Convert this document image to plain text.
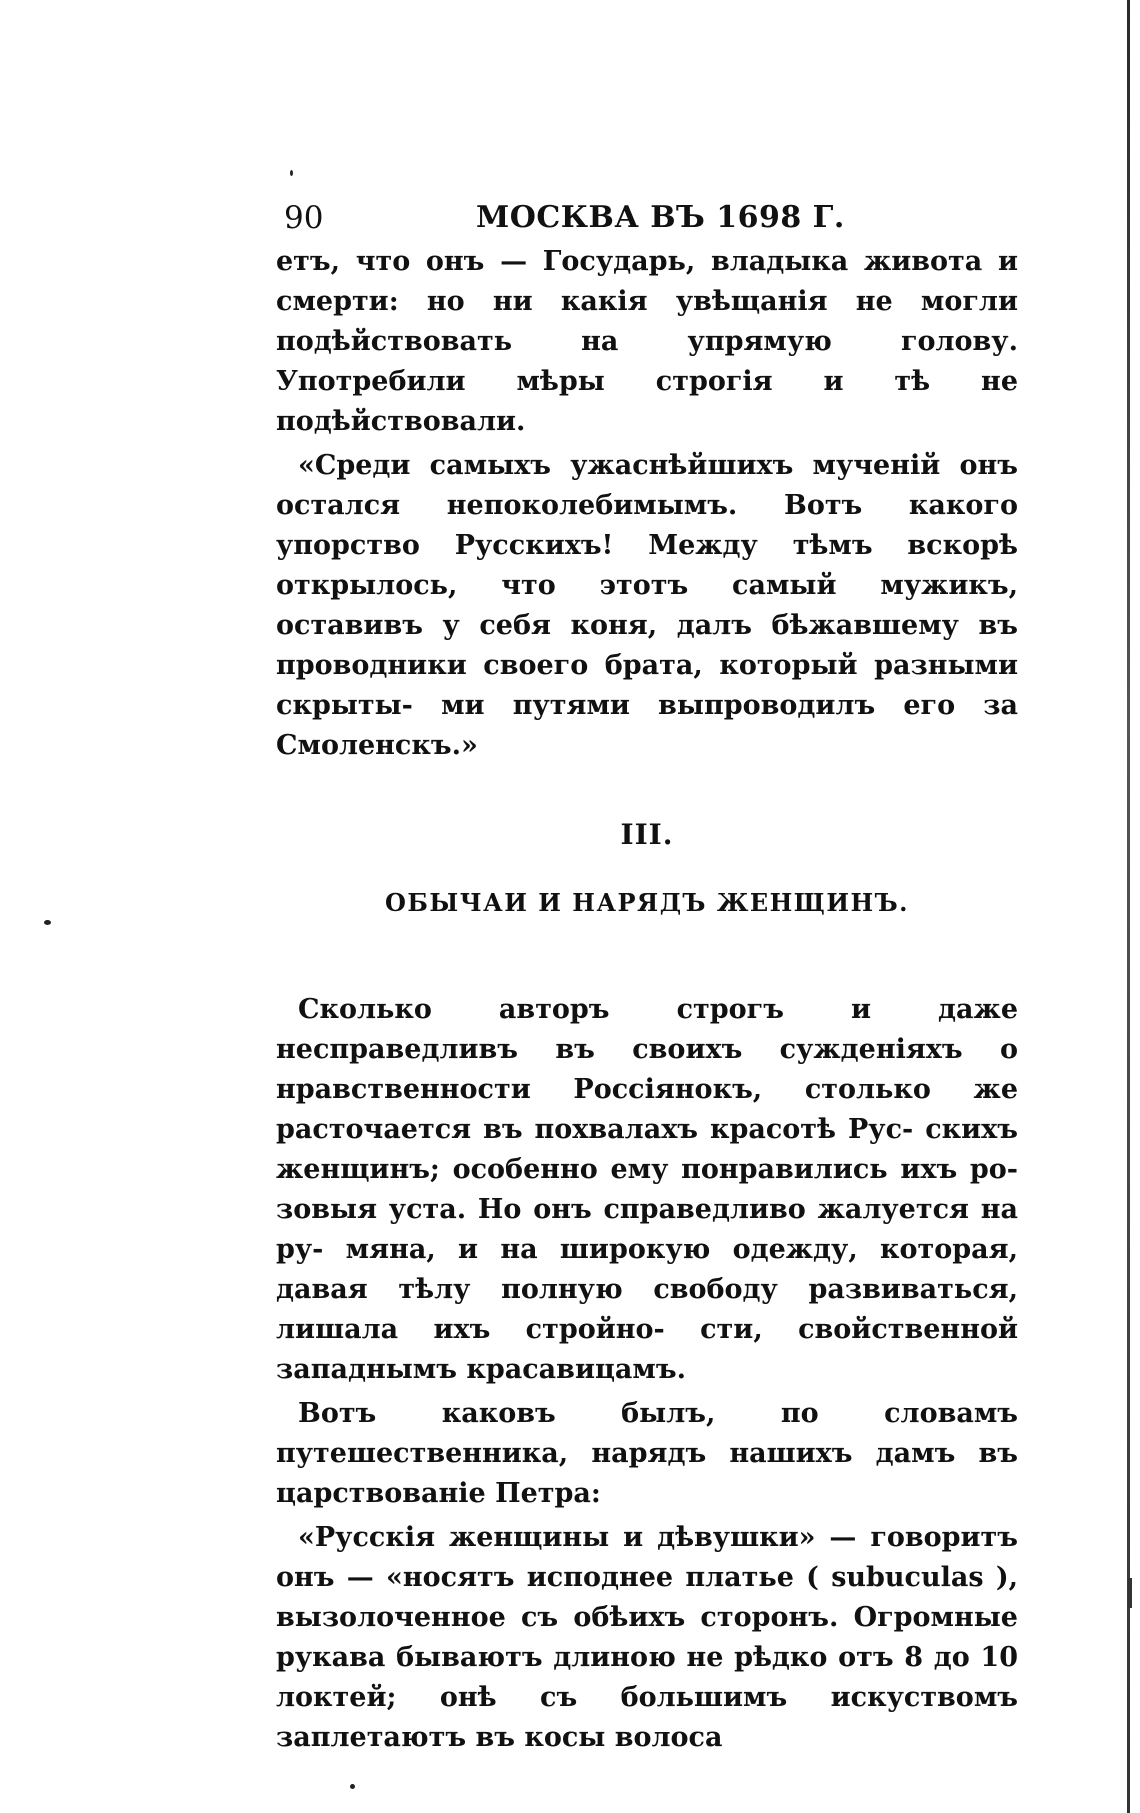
90	МОСКВА ВЪ 1698 Г.

етъ, что онъ — Государь, владыка живота и смерти: но ни какія увѣщанія не могли подѣйствовать на упрямую голову. Употребили мѣры строгія и тѣ не подѣйствовали.

«Среди самыхъ ужаснѣйшихъ мученій онъ остался непоколебимымъ. Вотъ какого упорство Русскихъ! Между тѣмъ вскорѣ открылось, что этотъ самый мужикъ, оставивъ у себя коня, далъ бѣжавшему въ проводники своего брата, который разными скрыты- ми путями выпроводилъ его за Смоленскъ.»

III.
ОБЫЧАИ И НАРЯДЪ ЖЕНЩИНЪ.

Сколько авторъ строгъ и даже несправедливъ въ своихъ сужденіяхъ о нравственности Россіянокъ, столько же расточается въ похвалахъ красотѣ Рус- скихъ женщинъ; особенно ему понравились ихъ ро- зовыя уста. Но онъ справедливо жалуется на ру- мяна, и на широкую одежду, которая, давая тѣлу полную свободу развиваться, лишала ихъ стройно- сти, свойственной западнымъ красавицамъ.

Вотъ каковъ былъ, по словамъ путешественника, нарядъ нашихъ дамъ въ царствованіе Петра:

«Русскія женщины и дѣвушки» — говоритъ онъ — «носятъ исподнее платье ( subuculas ), вызолоченное съ обѣихъ сторонъ. Огромные рукава бываютъ длиною не рѣдко отъ 8 до 10 локтей; онѣ съ большимъ искуствомъ заплетаютъ въ косы волоса
